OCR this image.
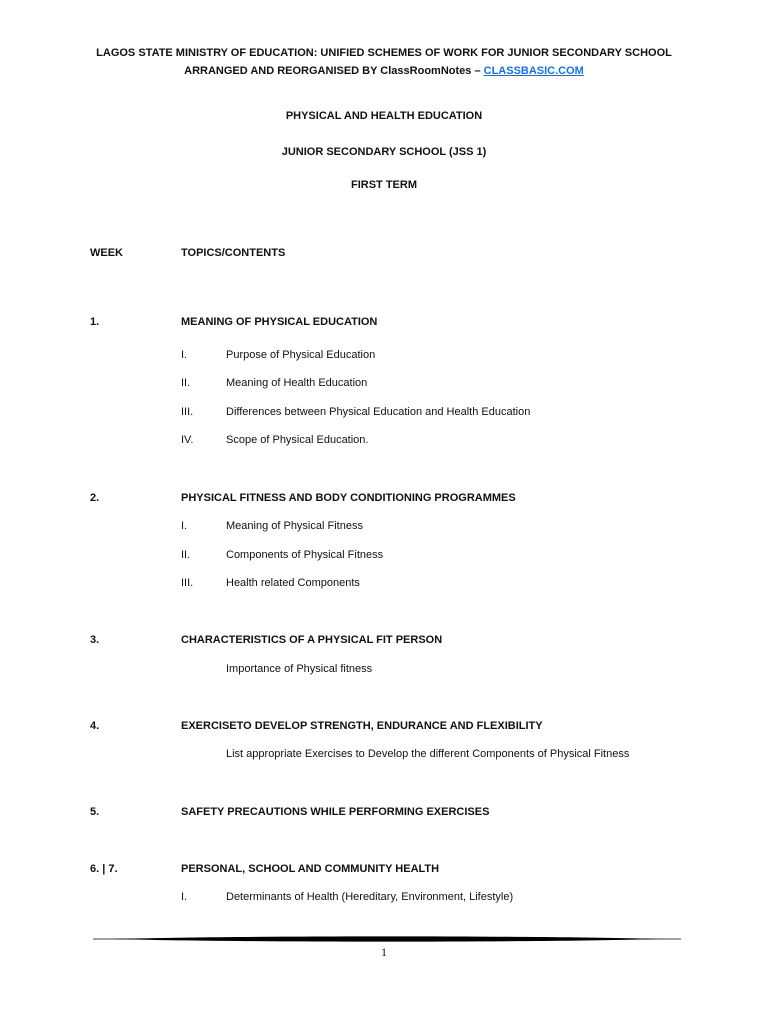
LAGOS STATE MINISTRY OF EDUCATION: UNIFIED SCHEMES OF WORK FOR JUNIOR SECONDARY SCHOOL
ARRANGED AND REORGANISED BY ClassRoomNotes – CLASSBASIC.COM
PHYSICAL AND HEALTH EDUCATION
JUNIOR SECONDARY SCHOOL (JSS 1)
FIRST TERM
WEEK	TOPICS/CONTENTS
1.	MEANING OF PHYSICAL EDUCATION
I.	Purpose of Physical Education
II.	Meaning of Health Education
III.	Differences between Physical Education and Health Education
IV.	Scope of Physical Education.
2.	PHYSICAL FITNESS AND BODY CONDITIONING PROGRAMMES
I.	Meaning of Physical Fitness
II.	Components of Physical Fitness
III.	Health related Components
3.	CHARACTERISTICS OF A PHYSICAL FIT PERSON
Importance of Physical fitness
4.	EXERCISETO DEVELOP STRENGTH, ENDURANCE AND FLEXIBILITY
List appropriate Exercises to Develop the different Components of Physical Fitness
5.	SAFETY PRECAUTIONS WHILE PERFORMING EXERCISES
6. | 7.	PERSONAL, SCHOOL AND COMMUNITY HEALTH
I.	Determinants of Health (Hereditary, Environment, Lifestyle)
1
